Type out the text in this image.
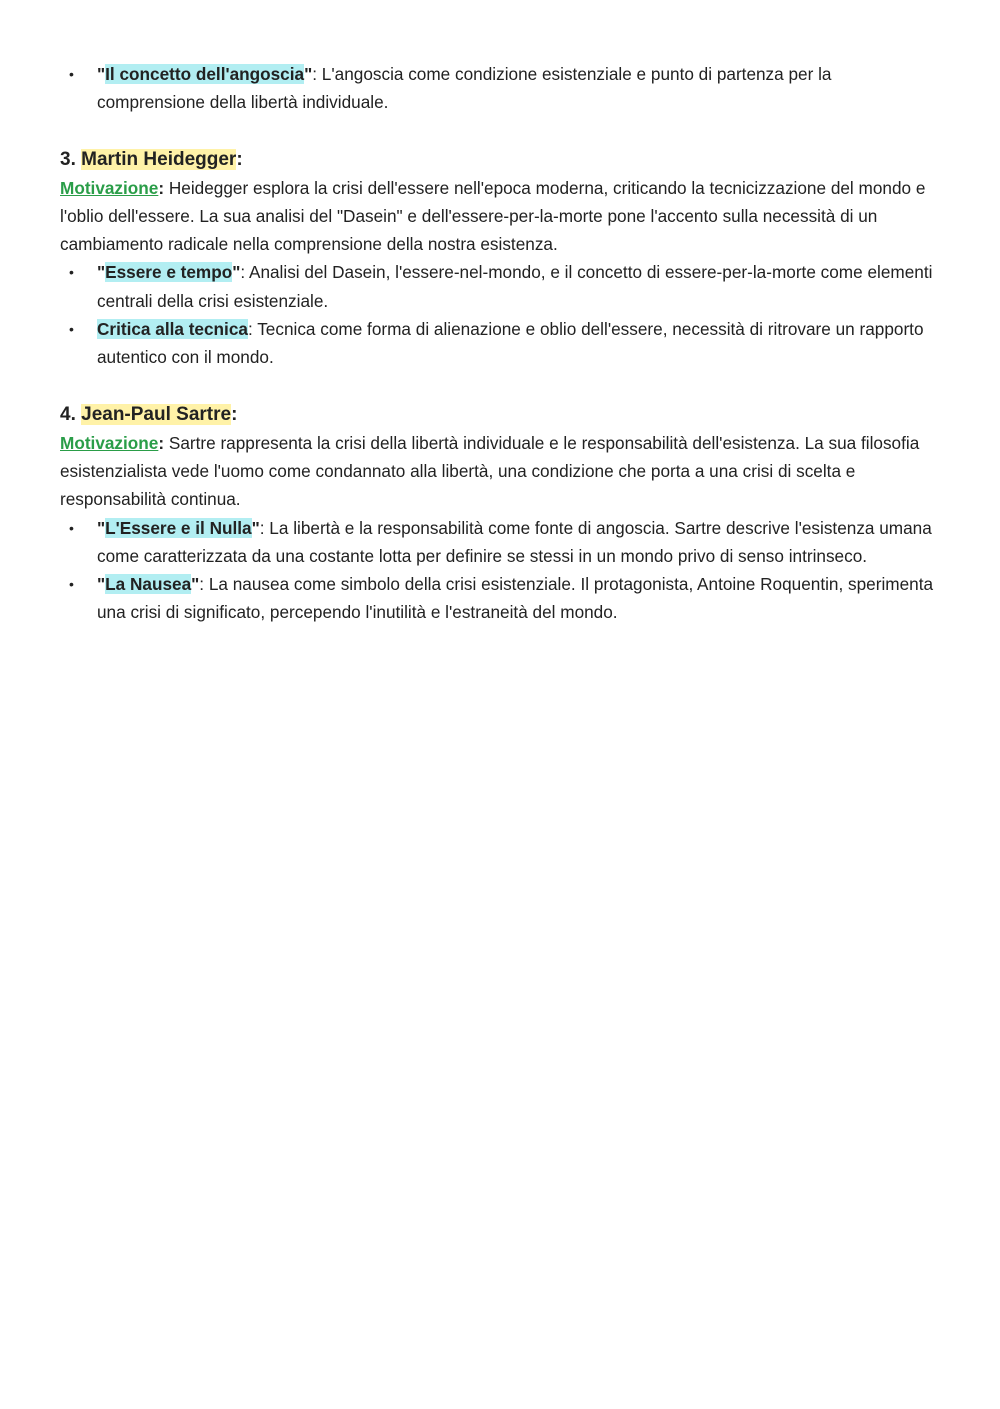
• "Il concetto dell'angoscia": L'angoscia come condizione esistenziale e punto di partenza per la comprensione della libertà individuale.
3. Martin Heidegger:

Motivazione: Heidegger esplora la crisi dell'essere nell'epoca moderna, criticando la tecnicizzazione del mondo e l'oblio dell'essere. La sua analisi del "Dasein" e dell'essere-per-la-morte pone l'accento sulla necessità di un cambiamento radicale nella comprensione della nostra esistenza.

• "Essere e tempo": Analisi del Dasein, l'essere-nel-mondo, e il concetto di essere-per-la-morte come elementi centrali della crisi esistenziale.
• Critica alla tecnica: Tecnica come forma di alienazione e oblio dell'essere, necessità di ritrovare un rapporto autentico con il mondo.
4. Jean-Paul Sartre:

Motivazione: Sartre rappresenta la crisi della libertà individuale e le responsabilità dell'esistenza. La sua filosofia esistenzialista vede l'uomo come condannato alla libertà, una condizione che porta a una crisi di scelta e responsabilità continua.

• "L'Essere e il Nulla": La libertà e la responsabilità come fonte di angoscia. Sartre descrive l'esistenza umana come caratterizzata da una costante lotta per definire se stessi in un mondo privo di senso intrinseco.
• "La Nausea": La nausea come simbolo della crisi esistenziale. Il protagonista, Antoine Roquentin, sperimenta una crisi di significato, percependo l'inutilità e l'estraneità del mondo.
